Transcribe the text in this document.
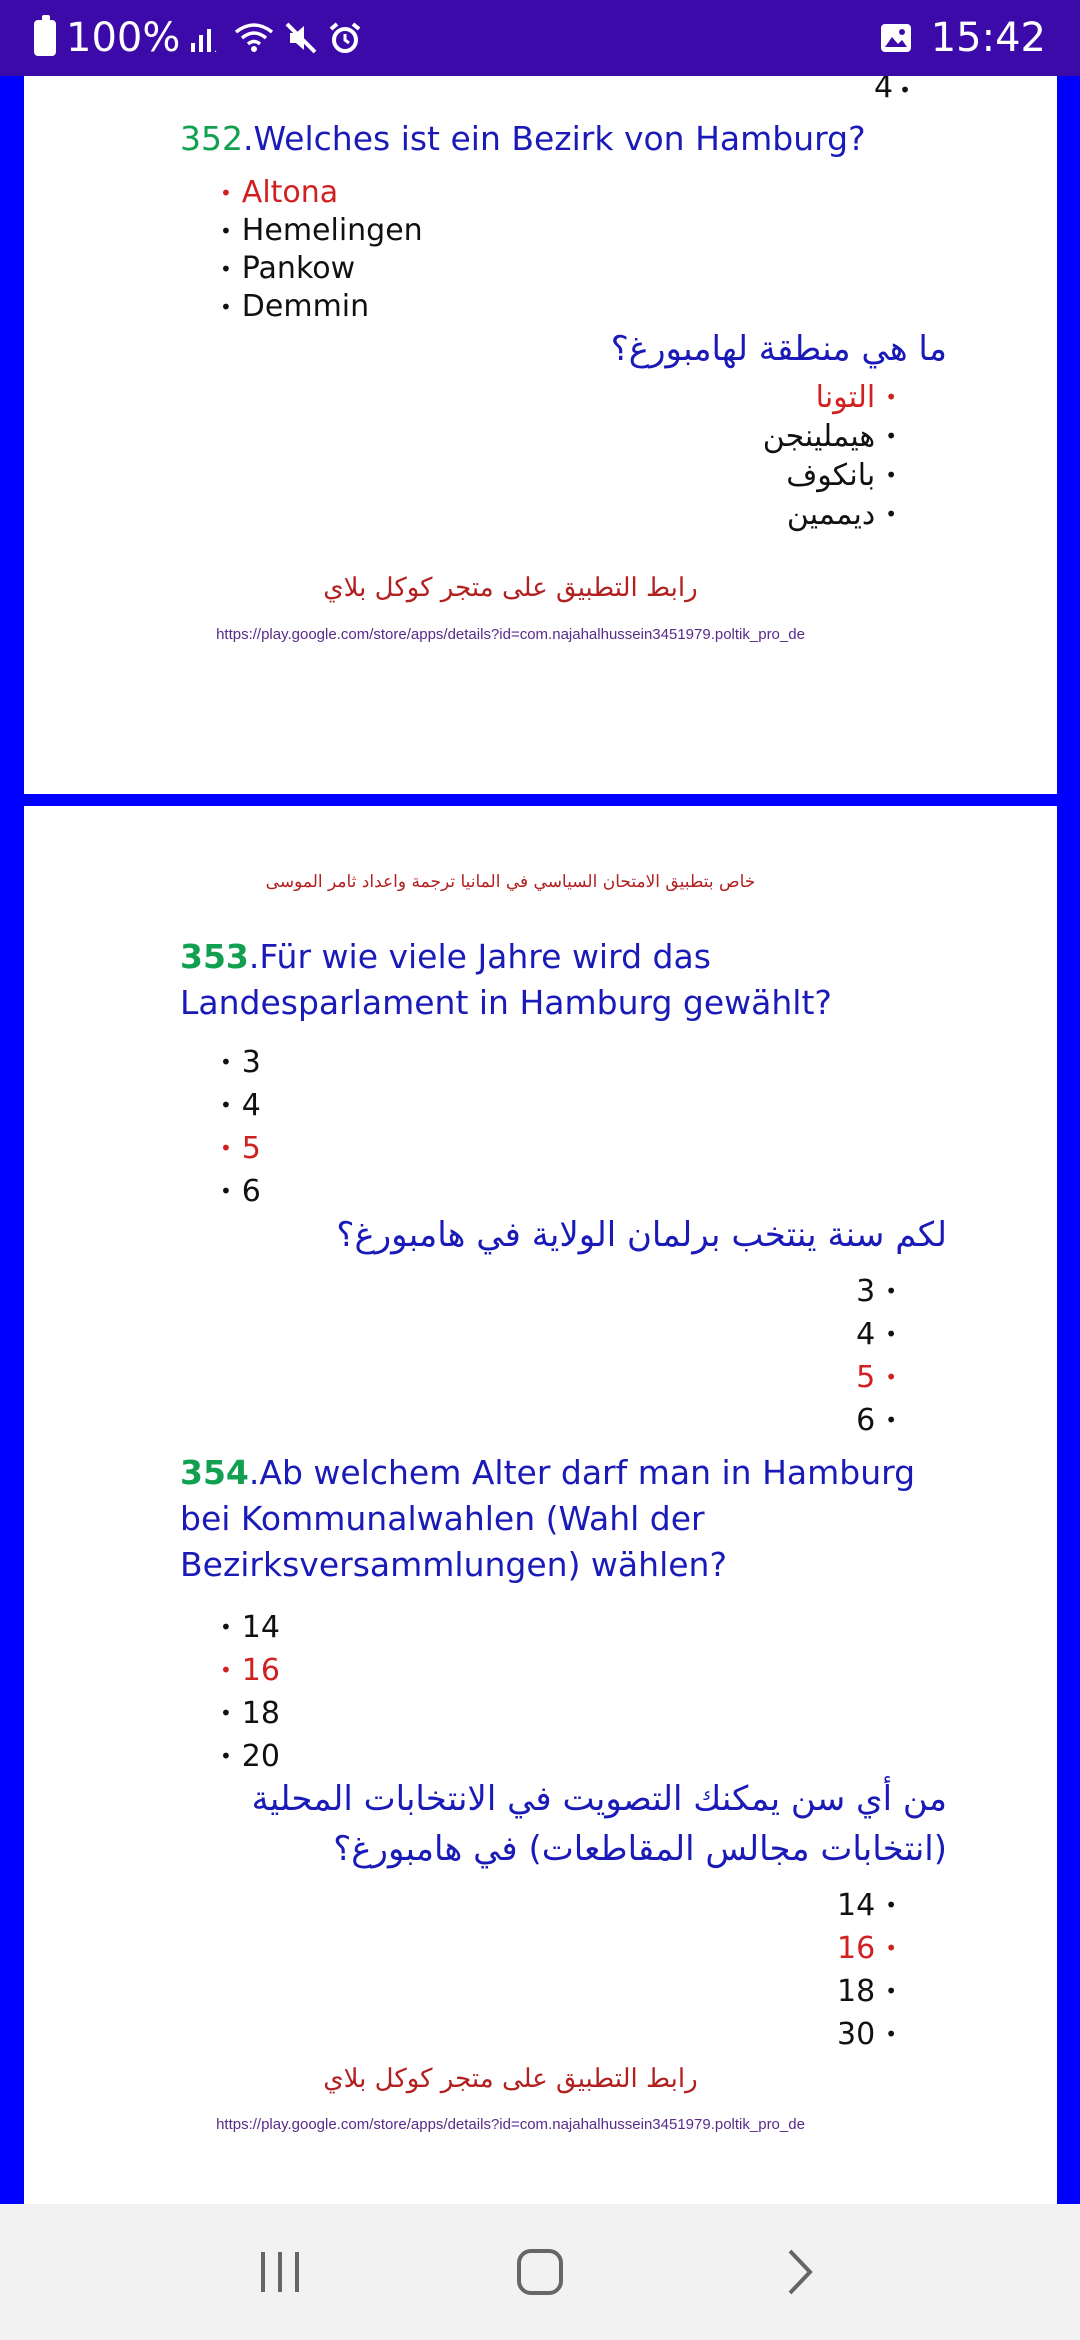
100%	.	15:42
4 •
352.Welches ist ein Bezirk von Hamburg?
• Altona
• Hemelingen
• Pankow
• Demmin
ما هي منطقة لهامبورغ؟
• التونا
• هيملينجن
• بانكوف
• ديممين
رابط التطبيق على متجر كوكل بلاي
https://play.google.com/store/apps/details?id=com.najahalhussein3451979.poltik_pro_de
خاص بتطبيق الامتحان السياسي في المانيا ترجمة واعداد ثامر الموسى
353.Für wie viele Jahre wird das
Landesparlament in Hamburg gewählt?
• 3
• 4
• 5
• 6
لكم سنة ينتخب برلمان الولاية في هامبورغ؟
• 3
• 4
• 5
• 6
354.Ab welchem Alter darf man in Hamburg
bei Kommunalwahlen (Wahl der
Bezirksversammlungen) wählen?
• 14
• 16
• 18
• 20
من أي سن يمكنك التصويت في الانتخابات المحلية
(انتخابات مجالس المقاطعات) في هامبورغ؟
• 14
• 16
• 18
• 30
رابط التطبيق على متجر كوكل بلاي
https://play.google.com/store/apps/details?id=com.najahalhussein3451979.poltik_pro_de
